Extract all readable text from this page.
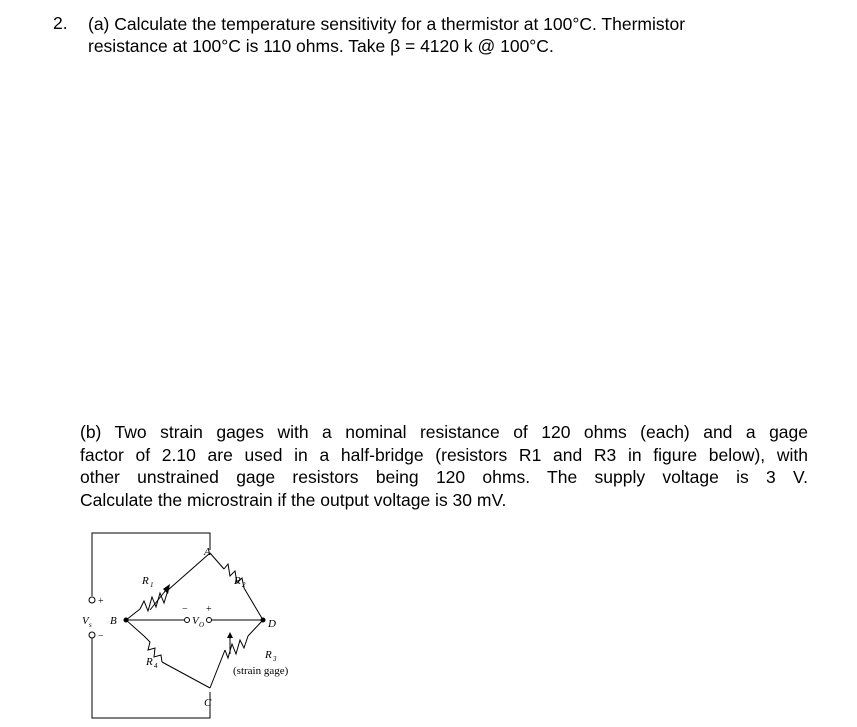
2. (a) Calculate the temperature sensitivity for a thermistor at 100°C. Thermistor
resistance at 100°C is 110 ohms. Take β = 4120 k @ 100°C.
(b) Two strain gages with a nominal resistance of 120 ohms (each) and a gage
factor of 2.10 are used in a half-bridge (resistors R1 and R3 in figure below), with
other unstrained gage resistors being 120 ohms. The supply voltage is 3 V.
Calculate the microstrain if the output voltage is 30 mV.
A
B
C
D
R 1	R 2
R 3
(strain gage)
R 4
V s
+
−
V O
− +
